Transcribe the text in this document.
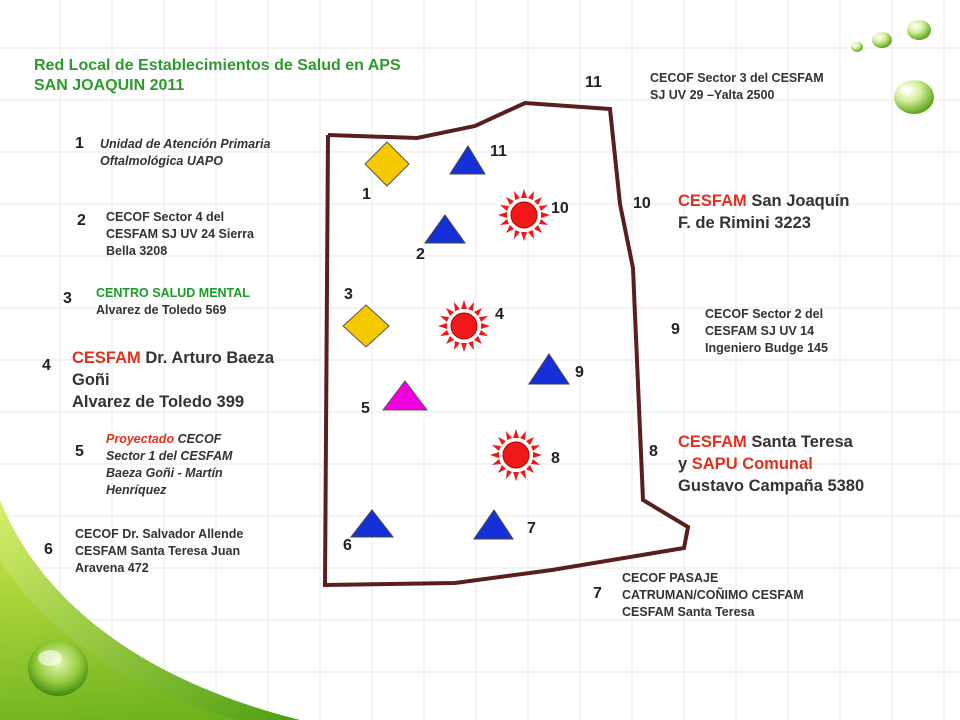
Red Local de Establecimientos de Salud en APS
SAN JOAQUIN 2011
1 Unidad de Atención Primaria
Oftalmológica UAPO
2 CECOF Sector 4 del
CESFAM SJ UV 24 Sierra
Bella 3208
3 CENTRO SALUD MENTAL
Alvarez de Toledo 569
4 CESFAM Dr. Arturo Baeza
Goñi
Alvarez de Toledo 399
5
Proyectado CECOF
Sector 1 del CESFAM
Baeza Goñi - Martín
Henríquez
6
CECOF Dr. Salvador Allende
CESFAM Santa Teresa Juan
Aravena 472
11	CECOF Sector 3 del CESFAM
SJ UV 29 –Yalta 2500
10 CESFAM San Joaquín
F. de Rimini 3223
9
CECOF Sector 2 del
CESFAM SJ UV 14
Ingeniero Budge 145
8
CESFAM Santa Teresa
y SAPU Comunal
Gustavo Campaña 5380
7
CECOF PASAJE
CATRUMAN/COÑIMO CESFAM
CESFAM Santa Teresa
1
2
3
4
5
6
7
8
9
10
11
